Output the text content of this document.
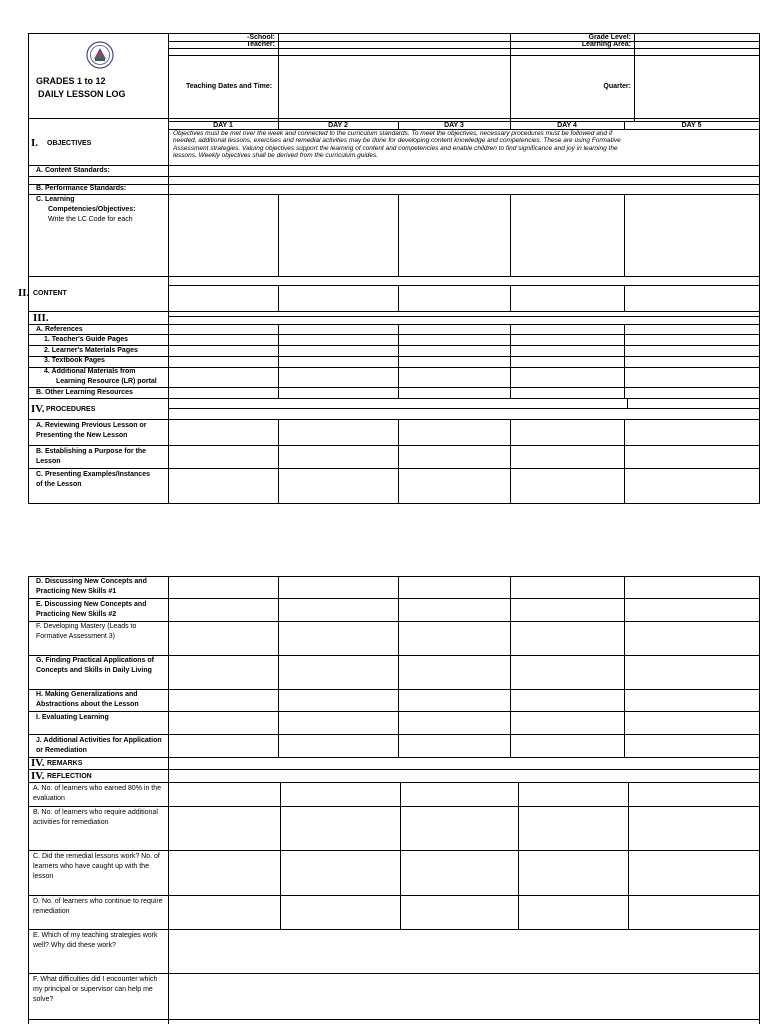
GRADES 1 to 12
DAILY LESSON LOG
-School:
Teacher:
Teaching Dates and Time:
Grade Level:
Learning Area:
Quarter:
DAY 1	DAY 2	DAY 3	DAY 4	DAY 5
I. OBJECTIVES
Objectives must be met over the week and connected to the curriculum standards. To meet the objectives, necessary procedures must be followed and if needed, additional lessons, exercises and remedial activities may be done for developing content knowledge and competencies. These are using Formative Assessment strategies. Valuing objectives support the learning of content and competencies and enable children to find significance and joy in learning the lessons. Weekly objectives shall be derived from the curriculum guides.
A. Content Standards:
B. Performance Standards:
C. Learning
Competencies/Objectives:
Write the LC Code for each
II. CONTENT
III.
A. References
1. Teacher's Guide Pages
2. Learner's Materials Pages
3. Textbook Pages
4. Additional Materials from
Learning Resource (LR) portal
B. Other Learning Resources
IV. PROCEDURES
A. Reviewing Previous Lesson or Presenting the New Lesson
B. Establishing a Purpose for the Lesson
C. Presenting Examples/Instances of the Lesson
D. Discussing New Concepts and Practicing New Skills #1
E. Discussing New Concepts and Practicing New Skills #2
F. Developing Mastery (Leads to Formative Assessment 3)
G. Finding Practical Applications of Concepts and Skills in Daily Living
H. Making Generalizations and Abstractions about the Lesson
I. Evaluating Learning
J. Additional Activities for Application or Remediation
IV. REMARKS
IV. REFLECTION
A. No. of learners who earned 80% in the evaluation
B. No. of learners who require additional activities for remediation
C. Did the remedial lessons work? No. of learners who have caught up with the lesson
D. No. of learners who continue to require remediation
E. Which of my teaching strategies work well? Why did these work?
F. What difficulties did I encounter which my principal or supervisor can help me solve?
